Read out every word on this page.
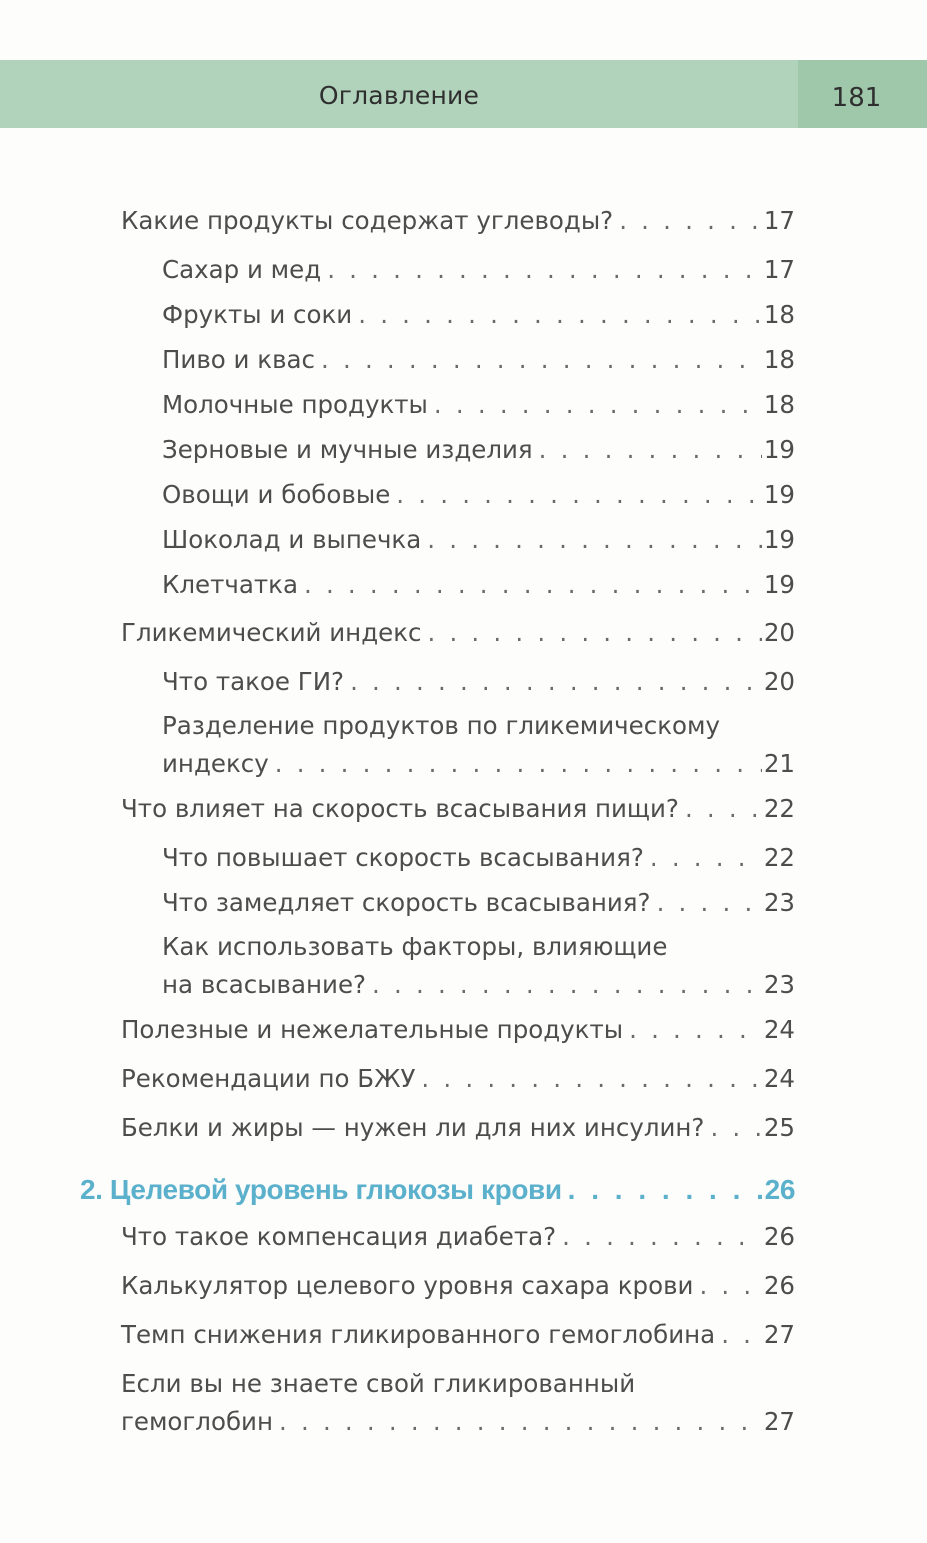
Оглавление	181
Какие продукты содержат углеводы? . . .	17
Сахар и мед . . .	17
Фрукты и соки . . .	18
Пиво и квас . . .	18
Молочные продукты . . .	18
Зерновые и мучные изделия . . .	19
Овощи и бобовые . . .	19
Шоколад и выпечка . . .	19
Клетчатка . . .	19
Гликемический индекс . . .	20
Что такое ГИ? . . .	20
Разделение продуктов по гликемическому
индексу . . .	21
Что влияет на скорость всасывания пищи? . . .	22
Что повышает скорость всасывания? . . .	22
Что замедляет скорость всасывания? . . .	23
Как использовать факторы, влияющие
на всасывание? . . .	23
Полезные и нежелательные продукты . . .	24
Рекомендации по БЖУ . . .	24
Белки и жиры — нужен ли для них инсулин? . . . 25
2. Целевой уровень глюкозы крови . . .	26
Что такое компенсация диабета? . . .	26
Калькулятор целевого уровня сахара крови . . .	26
Темп снижения гликированного гемоглобина . . . 27
Если вы не знаете свой гликированный
гемоглобин . . .	27
